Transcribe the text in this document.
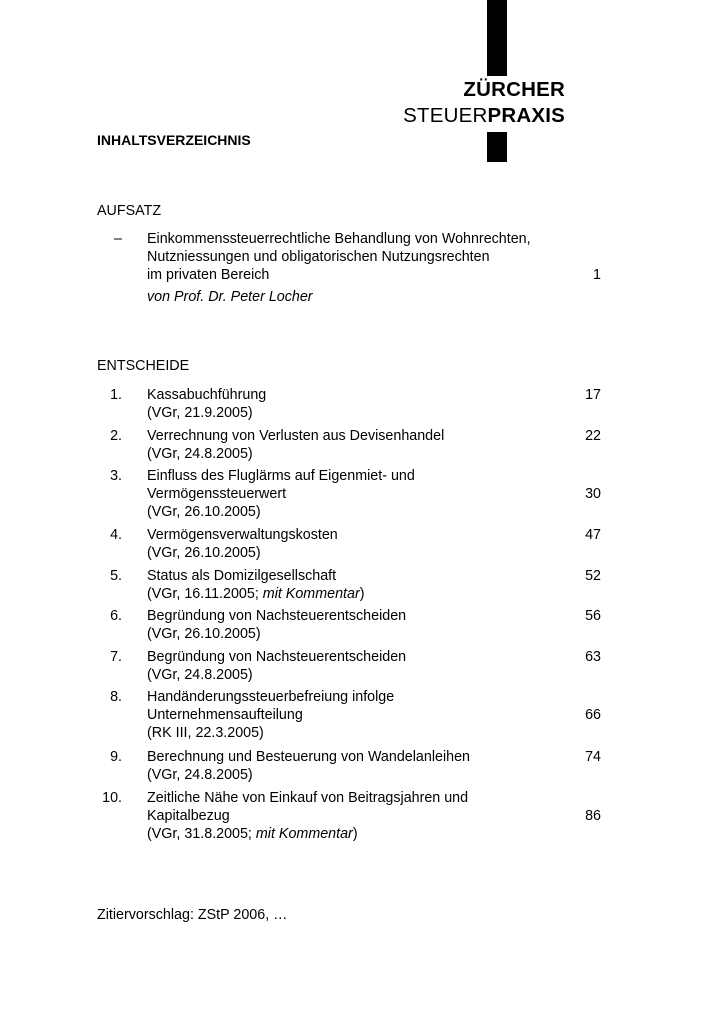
ZÜRCHER
STEUERPRAXIS
INHALTSVERZEICHNIS
AUFSATZ
– Einkommenssteuerrechtliche Behandlung von Wohnrechten,
Nutzniessungen und obligatorischen Nutzungsrechten
im privaten Bereich	1
von Prof. Dr. Peter Locher
ENTSCHEIDE
1. Kassabuchführung	17
(VGr, 21.9.2005)
2. Verrechnung von Verlusten aus Devisenhandel	22
(VGr, 24.8.2005)
3. Einfluss des Fluglärms auf Eigenmiet- und
Vermögenssteuerwert	30
(VGr, 26.10.2005)
4. Vermögensverwaltungskosten	47
(VGr, 26.10.2005)
5. Status als Domizilgesellschaft	52
(VGr, 16.11.2005; mit Kommentar)
6. Begründung von Nachsteuerentscheiden	56
(VGr, 26.10.2005)
7. Begründung von Nachsteuerentscheiden	63
(VGr, 24.8.2005)
8. Handänderungssteuerbefreiung infolge
Unternehmensaufteilung	66
(RK III, 22.3.2005)
9. Berechnung und Besteuerung von Wandelanleihen	74
(VGr, 24.8.2005)
10. Zeitliche Nähe von Einkauf von Beitragsjahren und
Kapitalbezug	86
(VGr, 31.8.2005; mit Kommentar)
Zitiervorschlag: ZStP 2006, …
